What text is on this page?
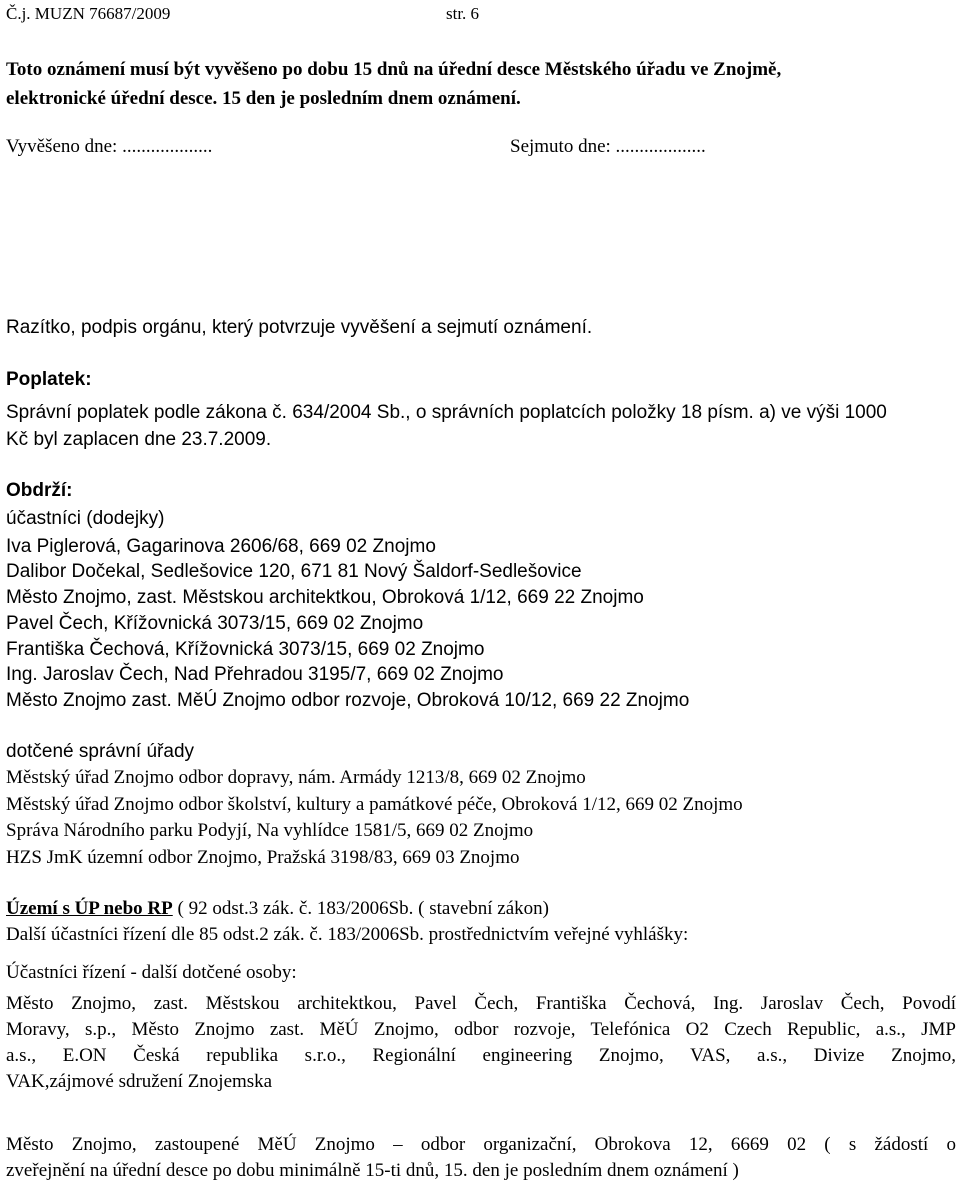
Č.j. MUZN 76687/2009	str. 6
Toto oznámení musí být vyvěšeno po dobu 15 dnů na úřední desce Městského úřadu ve Znojmě,
elektronické úřední desce. 15 den je posledním dnem oznámení.
Vyvěšeno dne: ...................	Sejmuto dne: ...................
Razítko, podpis orgánu, který potvrzuje vyvěšení a sejmutí oznámení.
Poplatek:
Správní poplatek podle zákona č. 634/2004 Sb., o správních poplatcích položky 18 písm. a) ve výši 1000
Kč byl zaplacen dne 23.7.2009.
Obdrží:
účastníci (dodejky)
Iva Piglerová, Gagarinova 2606/68, 669 02 Znojmo
Dalibor Dočekal, Sedlešovice 120, 671 81 Nový Šaldorf-Sedlešovice
Město Znojmo, zast. Městskou architektkou, Obroková 1/12, 669 22 Znojmo
Pavel Čech, Křížovnická 3073/15, 669 02 Znojmo
Františka Čechová, Křížovnická 3073/15, 669 02 Znojmo
Ing. Jaroslav Čech, Nad Přehradou 3195/7, 669 02 Znojmo
Město Znojmo zast. MěÚ Znojmo odbor rozvoje, Obroková 10/12, 669 22 Znojmo
dotčené správní úřady
Městský úřad Znojmo odbor dopravy, nám. Armády 1213/8, 669 02 Znojmo
Městský úřad Znojmo odbor školství, kultury a památkové péče, Obroková 1/12, 669 02 Znojmo
Správa Národního parku Podyjí, Na vyhlídce 1581/5, 669 02 Znojmo
HZS JmK územní odbor Znojmo, Pražská 3198/83, 669 03 Znojmo
Území s ÚP nebo RP ( 92 odst.3 zák. č. 183/2006Sb. ( stavební zákon)
Další účastníci řízení dle 85 odst.2 zák. č. 183/2006Sb. prostřednictvím veřejné vyhlášky:
Účastníci řízení - další dotčené osoby:
Město Znojmo, zast. Městskou architektkou, Pavel Čech, Františka Čechová, Ing. Jaroslav Čech, Povodí
Moravy, s.p., Město Znojmo zast. MěÚ Znojmo, odbor rozvoje, Telefónica O2 Czech Republic, a.s., JMP
a.s., E.ON Česká republika s.r.o., Regionální engineering Znojmo, VAS, a.s., Divize Znojmo,
VAK,zájmové sdružení Znojemska
Město Znojmo, zastoupené MěÚ Znojmo – odbor organizační, Obrokova 12, 6669 02 ( s žádostí o
zveřejnění na úřední desce po dobu minimálně 15-ti dnů, 15. den je posledním dnem oznámení )
